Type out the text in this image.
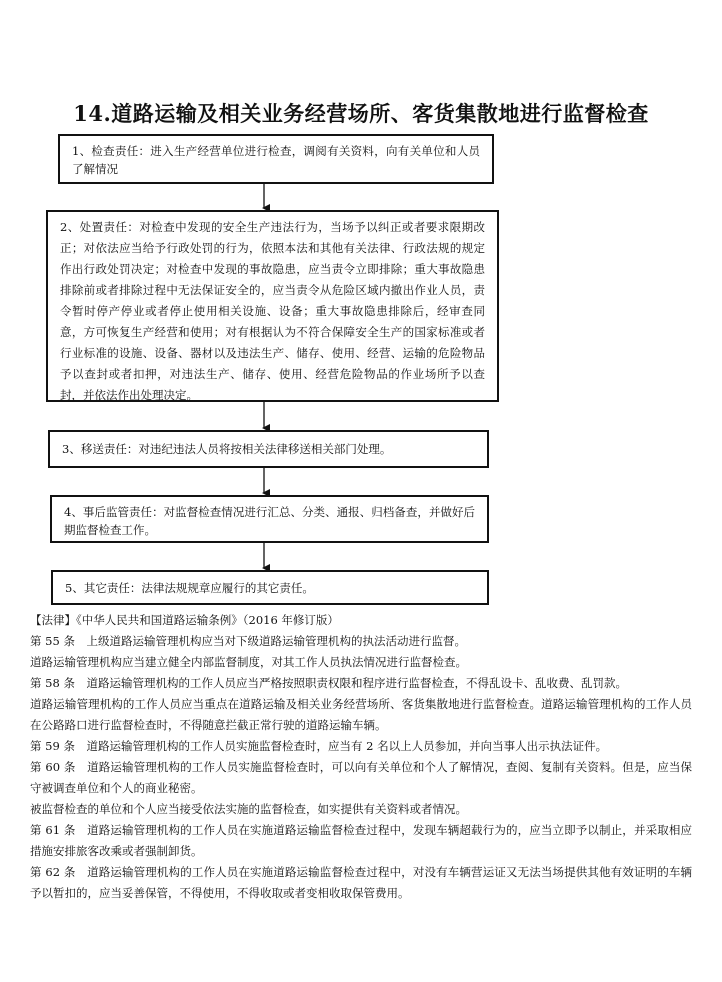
14.道路运输及相关业务经营场所、客货集散地进行监督检查
1、检查责任：进入生产经营单位进行检查，调阅有关资料，向有关单位和人员了解情况
2、处置责任：对检查中发现的安全生产违法行为，当场予以纠正或者要求限期改正；对依法应当给予行政处罚的行为，依照本法和其他有关法律、行政法规的规定作出行政处罚决定；对检查中发现的事故隐患，应当责令立即排除；重大事故隐患排除前或者排除过程中无法保证安全的，应当责令从危险区域内撤出作业人员，责令暂时停产停业或者停止使用相关设施、设备；重大事故隐患排除后，经审查同意，方可恢复生产经营和使用；对有根据认为不符合保障安全生产的国家标准或者行业标准的设施、设备、器材以及违法生产、储存、使用、经营、运输的危险物品予以查封或者扣押，对违法生产、储存、使用、经营危险物品的作业场所予以查封，并依法作出处理决定。
3、移送责任：对违纪违法人员将按相关法律移送相关部门处理。
4、事后监管责任：对监督检查情况进行汇总、分类、通报、归档备查，并做好后期监督检查工作。
5、其它责任：法律法规规章应履行的其它责任。

【法律】《中华人民共和国道路运输条例》（2016 年修订版）

第 55 条　上级道路运输管理机构应当对下级道路运输管理机构的执法活动进行监督。

道路运输管理机构应当建立健全内部监督制度，对其工作人员执法情况进行监督检查。

第 58 条　道路运输管理机构的工作人员应当严格按照职责权限和程序进行监督检查，不得乱设卡、乱收费、乱罚款。

道路运输管理机构的工作人员应当重点在道路运输及相关业务经营场所、客货集散地进行监督检查。道路运输管理机构的工作人员在公路路口进行监督检查时，不得随意拦截正常行驶的道路运输车辆。

第 59 条　道路运输管理机构的工作人员实施监督检查时，应当有 2 名以上人员参加，并向当事人出示执法证件。

第 60 条　道路运输管理机构的工作人员实施监督检查时，可以向有关单位和个人了解情况，查阅、复制有关资料。但是，应当保守被调查单位和个人的商业秘密。

被监督检查的单位和个人应当接受依法实施的监督检查，如实提供有关资料或者情况。

第 61 条　道路运输管理机构的工作人员在实施道路运输监督检查过程中，发现车辆超载行为的，应当立即予以制止，并采取相应措施安排旅客改乘或者强制卸货。

第 62 条　道路运输管理机构的工作人员在实施道路运输监督检查过程中，对没有车辆营运证又无法当场提供其他有效证明的车辆予以暂扣的，应当妥善保管，不得使用，不得收取或者变相收取保管费用。
